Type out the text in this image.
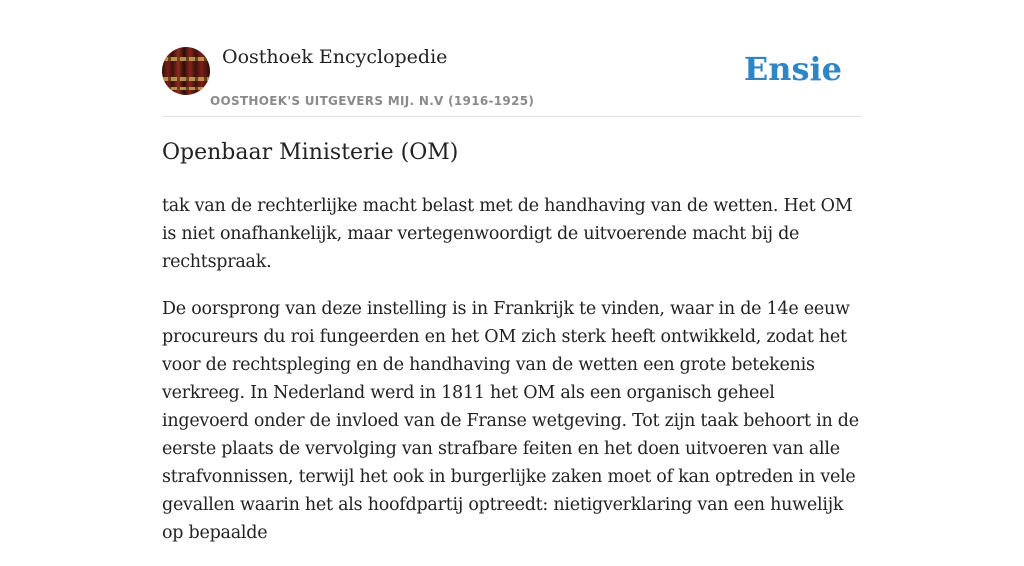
Oosthoek Encyclopedie
OOSTHOEK'S UITGEVERS MIJ. N.V (1916-1925)
Ensie
Openbaar Ministerie (OM)

tak van de rechterlijke macht belast met de handhaving van de wetten. Het OM is niet onafhankelijk, maar vertegenwoordigt de uitvoerende macht bij de rechtspraak.

De oorsprong van deze instelling is in Frankrijk te vinden, waar in de 14e eeuw procureurs du roi fungeerden en het OM zich sterk heeft ontwikkeld, zodat het voor de rechtspleging en de handhaving van de wetten een grote betekenis verkreeg. In Nederland werd in 1811 het OM als een organisch geheel ingevoerd onder de invloed van de Franse wetgeving. Tot zijn taak behoort in de eerste plaats de vervolging van strafbare feiten en het doen uitvoeren van alle strafvonnissen, terwijl het ook in burgerlijke zaken moet of kan optreden in vele gevallen waarin het als hoofdpartij optreedt: nietigverklaring van een huwelijk op bepaalde
